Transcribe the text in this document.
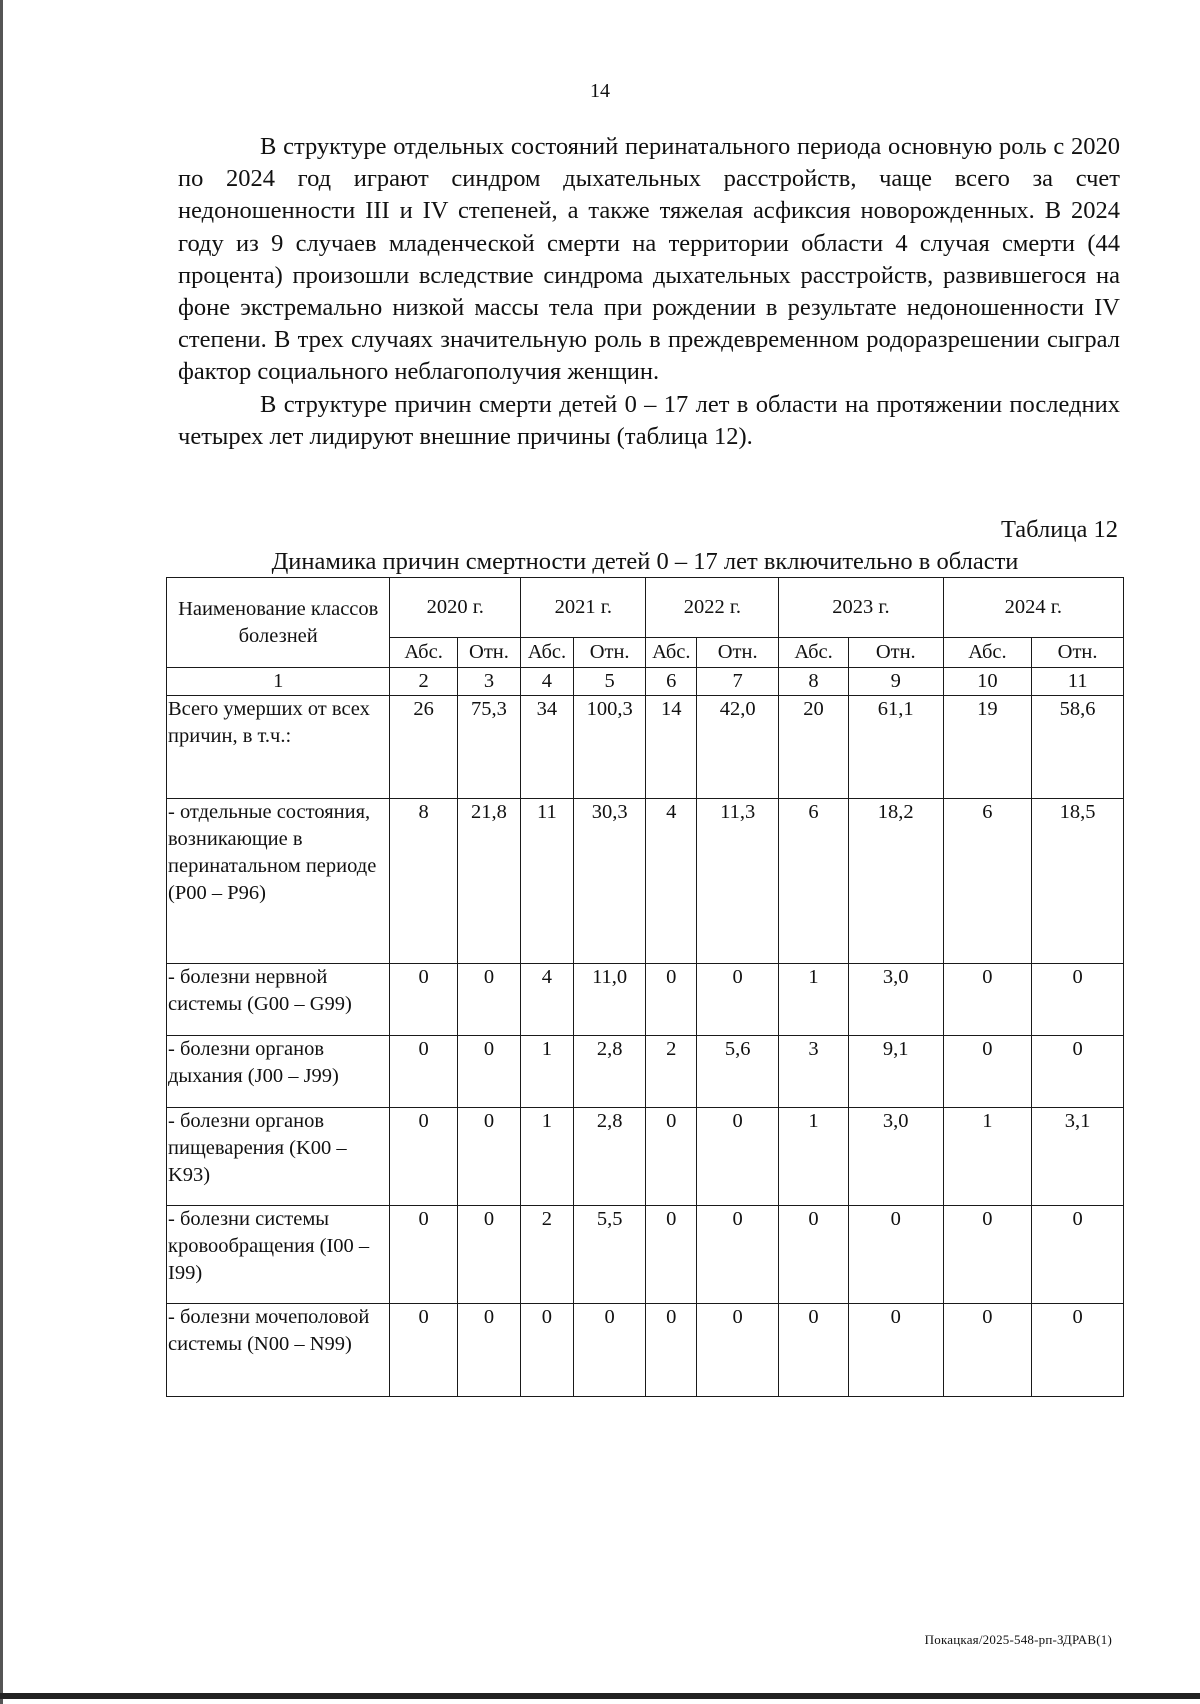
14

В структуре отдельных состояний перинатального периода основную роль с 2020 по 2024 год играют синдром дыхательных расстройств, чаще всего за счет недоношенности III и IV степеней, а также тяжелая асфиксия новорожденных. В 2024 году из 9 случаев младенческой смерти на территории области 4 случая смерти (44 процента) произошли вследствие синдрома дыхательных расстройств, развившегося на фоне экстремально низкой массы тела при рождении в результате недоношенности IV степени. В трех случаях значительную роль в преждевременном родоразрешении сыграл фактор социального неблагополучия женщин.

В структуре причин смерти детей 0 – 17 лет в области на протяжении последних четырех лет лидируют внешние причины (таблица 12).

Таблица 12
Динамика причин смертности детей 0 – 17 лет включительно в области
Наименование классов болезней	2020 г.		2021 г.		2022 г.		2023 г.		2024 г.	
	Абс.	Отн.	Абс.	Отн.	Абс.	Отн.	Абс.	Отн.	Абс.	Отн.
1	2	3	4	5	6	7	8	9	10	11
Всего умерших от всех причин, в т.ч.:	26	75,3	34	100,3	14	42,0	20	61,1	19	58,6
- отдельные состояния, возникающие в перинатальном периоде (P00 – P96)	8	21,8	11	30,3	4	11,3	6	18,2	6	18,5
- болезни нервной системы (G00 – G99)	0	0	4	11,0	0	0	1	3,0	0	0
- болезни органов дыхания (J00 – J99)	0	0	1	2,8	2	5,6	3	9,1	0	0
- болезни органов пищеварения (K00 – K93)	0	0	1	2,8	0	0	1	3,0	1	3,1
- болезни системы кровообращения (I00 – I99)	0	0	2	5,5	0	0	0	0	0	0
- болезни мочеполовой системы (N00 – N99)	0	0	0	0	0	0	0	0	0	0
Покацкая/2025-548-рп-ЗДРАВ(1)
